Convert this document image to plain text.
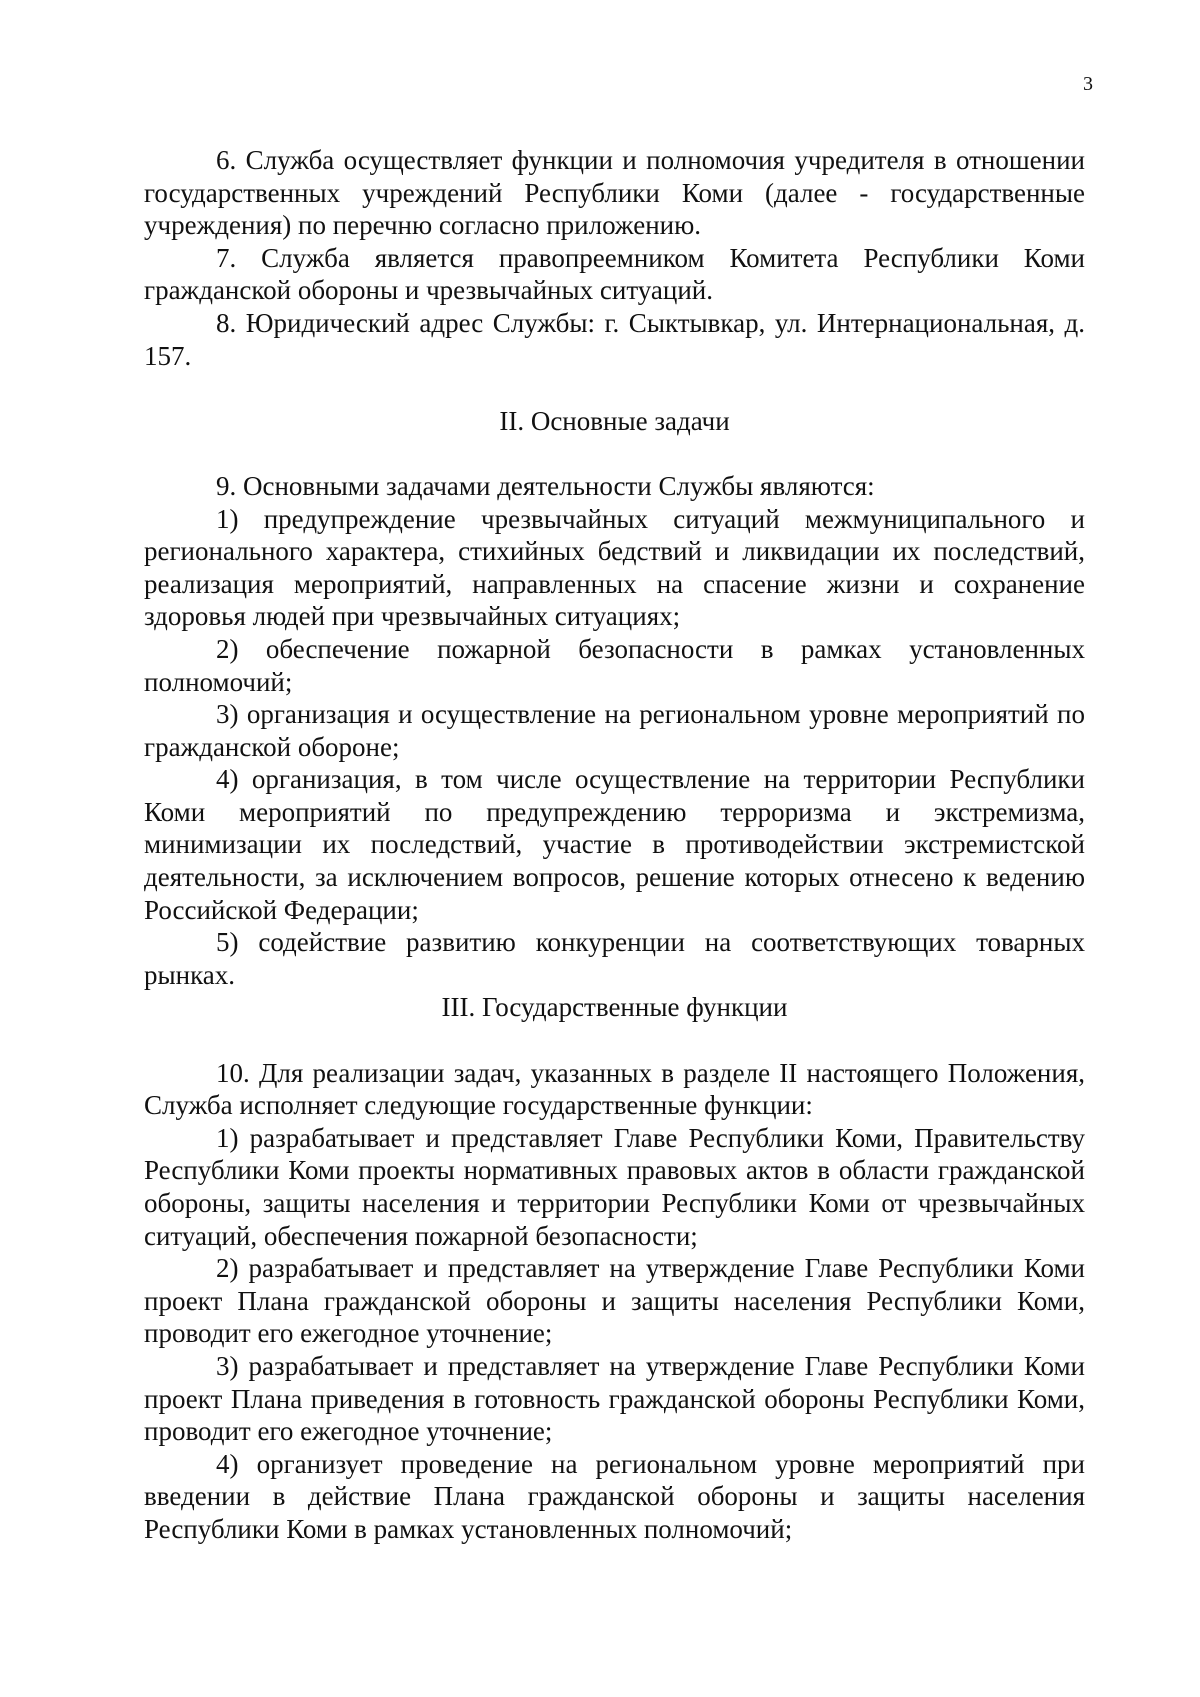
3

6. Служба осуществляет функции и полномочия учредителя в отношении государственных учреждений Республики Коми (далее - государственные учреждения) по перечню согласно приложению.

7. Служба является правопреемником Комитета Республики Коми гражданской обороны и чрезвычайных ситуаций.

8. Юридический адрес Службы: г. Сыктывкар, ул. Интернациональная, д. 157.

II. Основные задачи

9. Основными задачами деятельности Службы являются:

1) предупреждение чрезвычайных ситуаций межмуниципального и регионального характера, стихийных бедствий и ликвидации их последствий, реализация мероприятий, направленных на спасение жизни и сохранение здоровья людей при чрезвычайных ситуациях;

2) обеспечение пожарной безопасности в рамках установленных полномочий;

3) организация и осуществление на региональном уровне мероприятий по гражданской обороне;

4) организация, в том числе осуществление на территории Республики Коми мероприятий по предупреждению терроризма и экстремизма, минимизации их последствий, участие в противодействии экстремистской деятельности, за исключением вопросов, решение которых отнесено к ведению Российской Федерации;

5) содействие развитию конкуренции на соответствующих товарных рынках.

III. Государственные функции

10. Для реализации задач, указанных в разделе II настоящего Положения, Служба исполняет следующие государственные функции:

1) разрабатывает и представляет Главе Республики Коми, Правительству Республики Коми проекты нормативных правовых актов в области гражданской обороны, защиты населения и территории Республики Коми от чрезвычайных ситуаций, обеспечения пожарной безопасности;

2) разрабатывает и представляет на утверждение Главе Республики Коми проект Плана гражданской обороны и защиты населения Республики Коми, проводит его ежегодное уточнение;

3) разрабатывает и представляет на утверждение Главе Республики Коми проект Плана приведения в готовность гражданской обороны Республики Коми, проводит его ежегодное уточнение;

4) организует проведение на региональном уровне мероприятий при введении в действие Плана гражданской обороны и защиты населения Республики Коми в рамках установленных полномочий;
